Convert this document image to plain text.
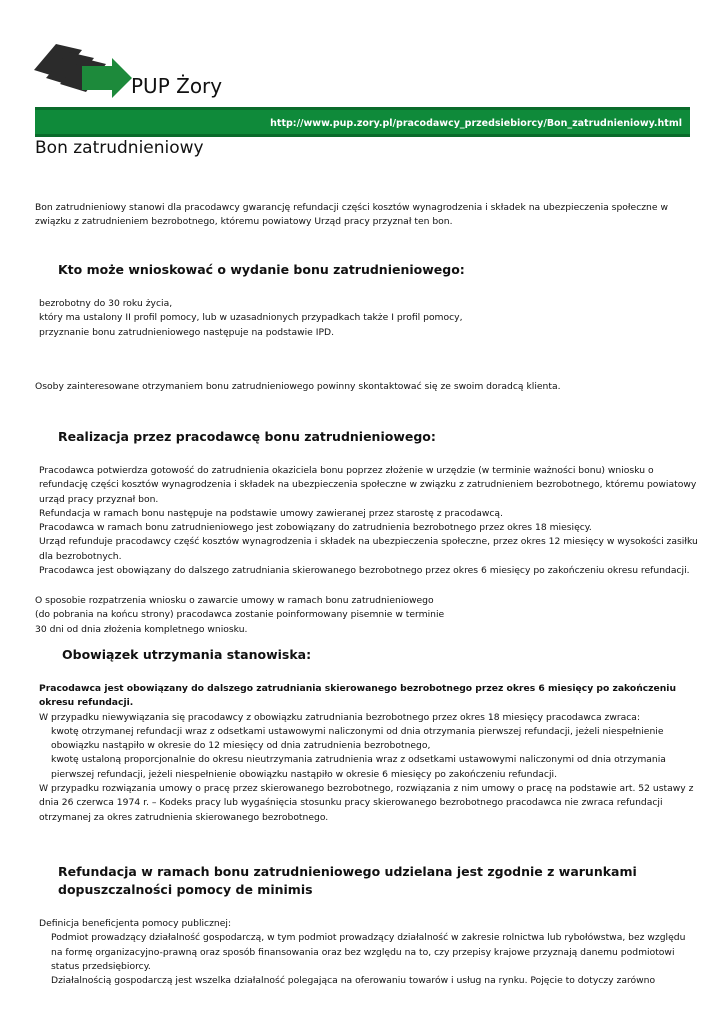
PUP Żory
http://www.pup.zory.pl/pracodawcy_przedsiebiorcy/Bon_zatrudnieniowy.html
Bon zatrudnieniowy
Bon zatrudnieniowy stanowi dla pracodawcy gwarancję refundacji części kosztów wynagrodzenia i składek na ubezpieczenia społeczne w
związku z zatrudnieniem bezrobotnego, któremu powiatowy Urząd pracy przyznał ten bon.
Kto może wnioskować o wydanie bonu zatrudnieniowego:
bezrobotny do 30 roku życia,
który ma ustalony II profil pomocy, lub w uzasadnionych przypadkach także I profil pomocy,
przyznanie bonu zatrudnieniowego następuje na podstawie IPD.
Osoby zainteresowane otrzymaniem bonu zatrudnieniowego powinny skontaktować się ze swoim doradcą klienta.
Realizacja przez pracodawcę bonu zatrudnieniowego:
Pracodawca potwierdza gotowość do zatrudnienia okaziciela bonu poprzez złożenie w urzędzie (w terminie ważności bonu) wniosku o
refundację części kosztów wynagrodzenia i składek na ubezpieczenia społeczne w związku z zatrudnieniem bezrobotnego, któremu powiatowy
urząd pracy przyznał bon.
Refundacja w ramach bonu następuje na podstawie umowy zawieranej przez starostę z pracodawcą.
Pracodawca w ramach bonu zatrudnieniowego jest zobowiązany do zatrudnienia bezrobotnego przez okres 18 miesięcy.
Urząd refunduje pracodawcy część kosztów wynagrodzenia i składek na ubezpieczenia społeczne, przez okres 12 miesięcy w wysokości zasiłku
dla bezrobotnych.
Pracodawca jest obowiązany do dalszego zatrudniania skierowanego bezrobotnego przez okres 6 miesięcy po zakończeniu okresu refundacji.
O sposobie rozpatrzenia wniosku o zawarcie umowy w ramach bonu zatrudnieniowego
(do pobrania na końcu strony) pracodawca zostanie poinformowany pisemnie w terminie
30 dni od dnia złożenia kompletnego wniosku.
Obowiązek utrzymania stanowiska:
Pracodawca jest obowiązany do dalszego zatrudniania skierowanego bezrobotnego przez okres 6 miesięcy po zakończeniu
okresu refundacji.
W przypadku niewywiązania się pracodawcy z obowiązku zatrudniania bezrobotnego przez okres 18 miesięcy pracodawca zwraca:
kwotę otrzymanej refundacji wraz z odsetkami ustawowymi naliczonymi od dnia otrzymania pierwszej refundacji, jeżeli niespełnienie
obowiązku nastąpiło w okresie do 12 miesięcy od dnia zatrudnienia bezrobotnego,
kwotę ustaloną proporcjonalnie do okresu nieutrzymania zatrudnienia wraz z odsetkami ustawowymi naliczonymi od dnia otrzymania
pierwszej refundacji, jeżeli niespełnienie obowiązku nastąpiło w okresie 6 miesięcy po zakończeniu refundacji.
W przypadku rozwiązania umowy o pracę przez skierowanego bezrobotnego, rozwiązania z nim umowy o pracę na podstawie art. 52 ustawy z
dnia 26 czerwca 1974 r. – Kodeks pracy lub wygaśnięcia stosunku pracy skierowanego bezrobotnego pracodawca nie zwraca refundacji
otrzymanej za okres zatrudnienia skierowanego bezrobotnego.
Refundacja w ramach bonu zatrudnieniowego udzielana jest zgodnie z warunkami
dopuszczalności pomocy de minimis
Definicja beneficjenta pomocy publicznej:
Podmiot prowadzący działalność gospodarczą, w tym podmiot prowadzący działalność w zakresie rolnictwa lub rybołówstwa, bez względu
na formę organizacyjno-prawną oraz sposób finansowania oraz bez względu na to, czy przepisy krajowe przyznają danemu podmiotowi
status przedsiębiorcy.
Działalnością gospodarczą jest wszelka działalność polegająca na oferowaniu towarów i usług na rynku. Pojęcie to dotyczy zarówno
